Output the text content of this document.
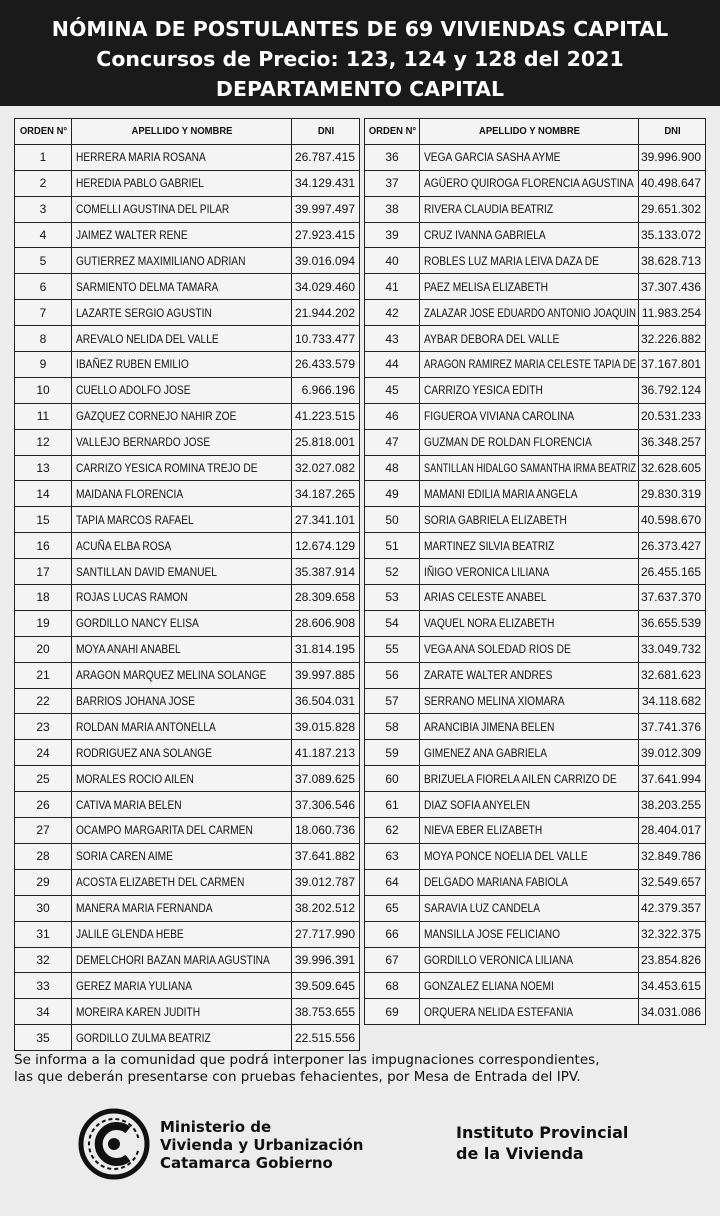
NÓMINA DE POSTULANTES DE 69 VIVIENDAS CAPITAL
Concursos de Precio: 123, 124 y 128 del 2021
DEPARTAMENTO CAPITAL
ORDEN N°	APELLIDO Y NOMBRE	DNI
1	HERRERA MARIA ROSANA	26.787.415
2	HEREDIA PABLO GABRIEL	34.129.431
3	COMELLI AGUSTINA DEL PILAR	39.997.497
4	JAIMEZ WALTER RENE	27.923.415
5	GUTIERREZ MAXIMILIANO ADRIAN	39.016.094
6	SARMIENTO DELMA TAMARA	34.029.460
7	LAZARTE SERGIO AGUSTIN	21.944.202
8	AREVALO NELIDA DEL VALLE	10.733.477
9	IBAÑEZ RUBEN EMILIO	26.433.579
10	CUELLO ADOLFO JOSE	6.966.196
11	GAZQUEZ CORNEJO NAHIR ZOE	41.223.515
12	VALLEJO BERNARDO JOSE	25.818.001
13	CARRIZO YESICA ROMINA TREJO DE	32.027.082
14	MAIDANA FLORENCIA	34.187.265
15	TAPIA MARCOS RAFAEL	27.341.101
16	ACUÑA ELBA ROSA	12.674.129
17	SANTILLAN DAVID EMANUEL	35.387.914
18	ROJAS LUCAS RAMON	28.309.658
19	GORDILLO NANCY ELISA	28.606.908
20	MOYA ANAHI ANABEL	31.814.195
21	ARAGON MARQUEZ MELINA SOLANGE	39.997.885
22	BARRIOS JOHANA JOSE	36.504.031
23	ROLDAN MARIA ANTONELLA	39.015.828
24	RODRIGUEZ ANA SOLANGE	41.187.213
25	MORALES ROCIO AILEN	37.089.625
26	CATIVA MARIA BELEN	37.306.546
27	OCAMPO MARGARITA DEL CARMEN	18.060.736
28	SORIA CAREN AIME	37.641.882
29	ACOSTA ELIZABETH DEL CARMEN	39.012.787
30	MANERA MARIA FERNANDA	38.202.512
31	JALILE GLENDA HEBE	27.717.990
32	DEMELCHORI BAZAN MARIA AGUSTINA	39.996.391
33	GEREZ MARIA YULIANA	39.509.645
34	MOREIRA KAREN JUDITH	38.753.655
35	GORDILLO ZULMA BEATRIZ	22.515.556
ORDEN N°	APELLIDO Y NOMBRE	DNI
36	VEGA GARCIA SASHA AYME	39.996.900
37	AGÜERO QUIROGA FLORENCIA AGUSTINA	40.498.647
38	RIVERA CLAUDIA BEATRIZ	29.651.302
39	CRUZ IVANNA GABRIELA	35.133.072
40	ROBLES LUZ MARIA LEIVA DAZA DE	38.628.713
41	PAEZ MELISA ELIZABETH	37.307.436
42	ZALAZAR JOSE EDUARDO ANTONIO JOAQUIN	11.983.254
43	AYBAR DEBORA DEL VALLE	32.226.882
44	ARAGON RAMIREZ MARIA CELESTE TAPIA DE	37.167.801
45	CARRIZO YESICA EDITH	36.792.124
46	FIGUEROA VIVIANA CAROLINA	20.531.233
47	GUZMAN DE ROLDAN FLORENCIA	36.348.257
48	SANTILLAN HIDALGO SAMANTHA IRMA BEATRIZ	32.628.605
49	MAMANI EDILIA MARIA ANGELA	29.830.319
50	SORIA GABRIELA ELIZABETH	40.598.670
51	MARTINEZ SILVIA BEATRIZ	26.373.427
52	IÑIGO VERONICA LILIANA	26.455.165
53	ARIAS CELESTE ANABEL	37.637.370
54	VAQUEL NORA ELIZABETH	36.655.539
55	VEGA ANA SOLEDAD RIOS DE	33.049.732
56	ZARATE WALTER ANDRES	32.681.623
57	SERRANO MELINA XIOMARA	34.118.682
58	ARANCIBIA JIMENA BELEN	37.741.376
59	GIMENEZ ANA GABRIELA	39.012.309
60	BRIZUELA FIORELA AILEN CARRIZO DE	37.641.994
61	DIAZ SOFIA ANYELEN	38.203.255
62	NIEVA EBER ELIZABETH	28.404.017
63	MOYA PONCE NOELIA DEL VALLE	32.849.786
64	DELGADO MARIANA FABIOLA	32.549.657
65	SARAVIA LUZ CANDELA	42.379.357
66	MANSILLA JOSE FELICIANO	32.322.375
67	GORDILLO VERONICA LILIANA	23.854.826
68	GONZALEZ ELIANA NOEMI	34.453.615
69	ORQUERA NELIDA ESTEFANIA	34.031.086
Se informa a la comunidad que podrá interponer las impugnaciones correspondientes,
las que deberán presentarse con pruebas fehacientes, por Mesa de Entrada del IPV.
Ministerio de
Vivienda y Urbanización
Catamarca Gobierno
Instituto Provincial
de la Vivienda
